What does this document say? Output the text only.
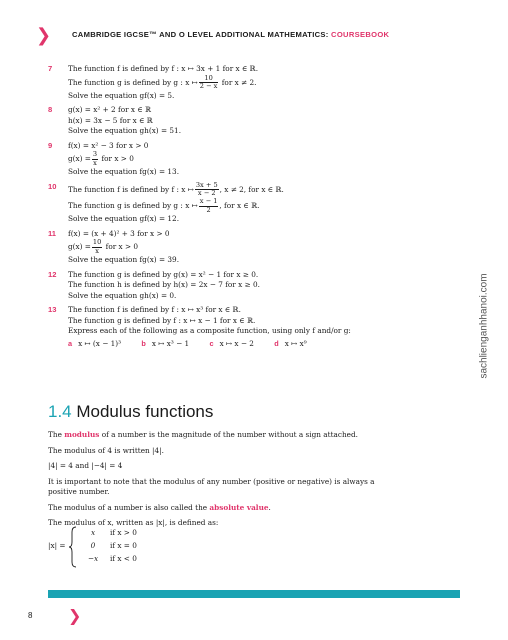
❯	CAMBRIDGE IGCSE™ AND O LEVEL ADDITIONAL MATHEMATICS: COURSEBOOK
7 The function f is defined by f : x ↦ 3x + 1 for x ∈ ℝ.
The function g is defined by g : x ↦ $\frac{10}{2 - x}$ for x ≠ 2.
Solve the equation gf(x) = 5.
8 g(x) = x² + 2 for x ∈ ℝ
h(x) = 3x − 5 for x ∈ ℝ
Solve the equation gh(x) = 51.
9 f(x) = x² − 3 for x > 0
$g(x) = \frac{3}{x}$ for x > 0
Solve the equation fg(x) = 13.
10 The function f is defined by f : x ↦ $\frac{3x + 5}{x - 2}$ , x ≠ 2, for x ∈ ℝ.
The function g is defined by g : x ↦ $\frac{x - 1}{2}$ , for x ∈ ℝ.
Solve the equation gf(x) = 12.
11 f(x) = (x + 4)² + 3 for x > 0
$g(x) = \frac{10}{x}$ for x > 0
Solve the equation fg(x) = 39.
12 The function g is defined by g(x) = x² − 1 for x ≥ 0.
The function h is defined by h(x) = 2x − 7 for x ≥ 0.
Solve the equation gh(x) = 0.
13 The function f is defined by f : x ↦ x³ for x ∈ ℝ.
The function g is defined by f : x ↦ x − 1 for x ∈ ℝ.
Express each of the following as a composite function, using only f and/or g:
a x ↦ (x − 1)³	b x ↦ x³ − 1	c x ↦ x − 2	d x ↦ x⁹
1.4 Modulus functions

The modulus of a number is the magnitude of the number without a sign attached.

The modulus of 4 is written |4|.

|4| = 4 and |−4| = 4

It is important to note that the modulus of any number (positive or negative) is always a positive number.

The modulus of a number is also called the absolute value.

The modulus of x, written as |x|, is defined as:

|x| =
x if x > 0
0 if x = 0
−x if x < 0
8 ❯
sachlienganhhanoi.com
